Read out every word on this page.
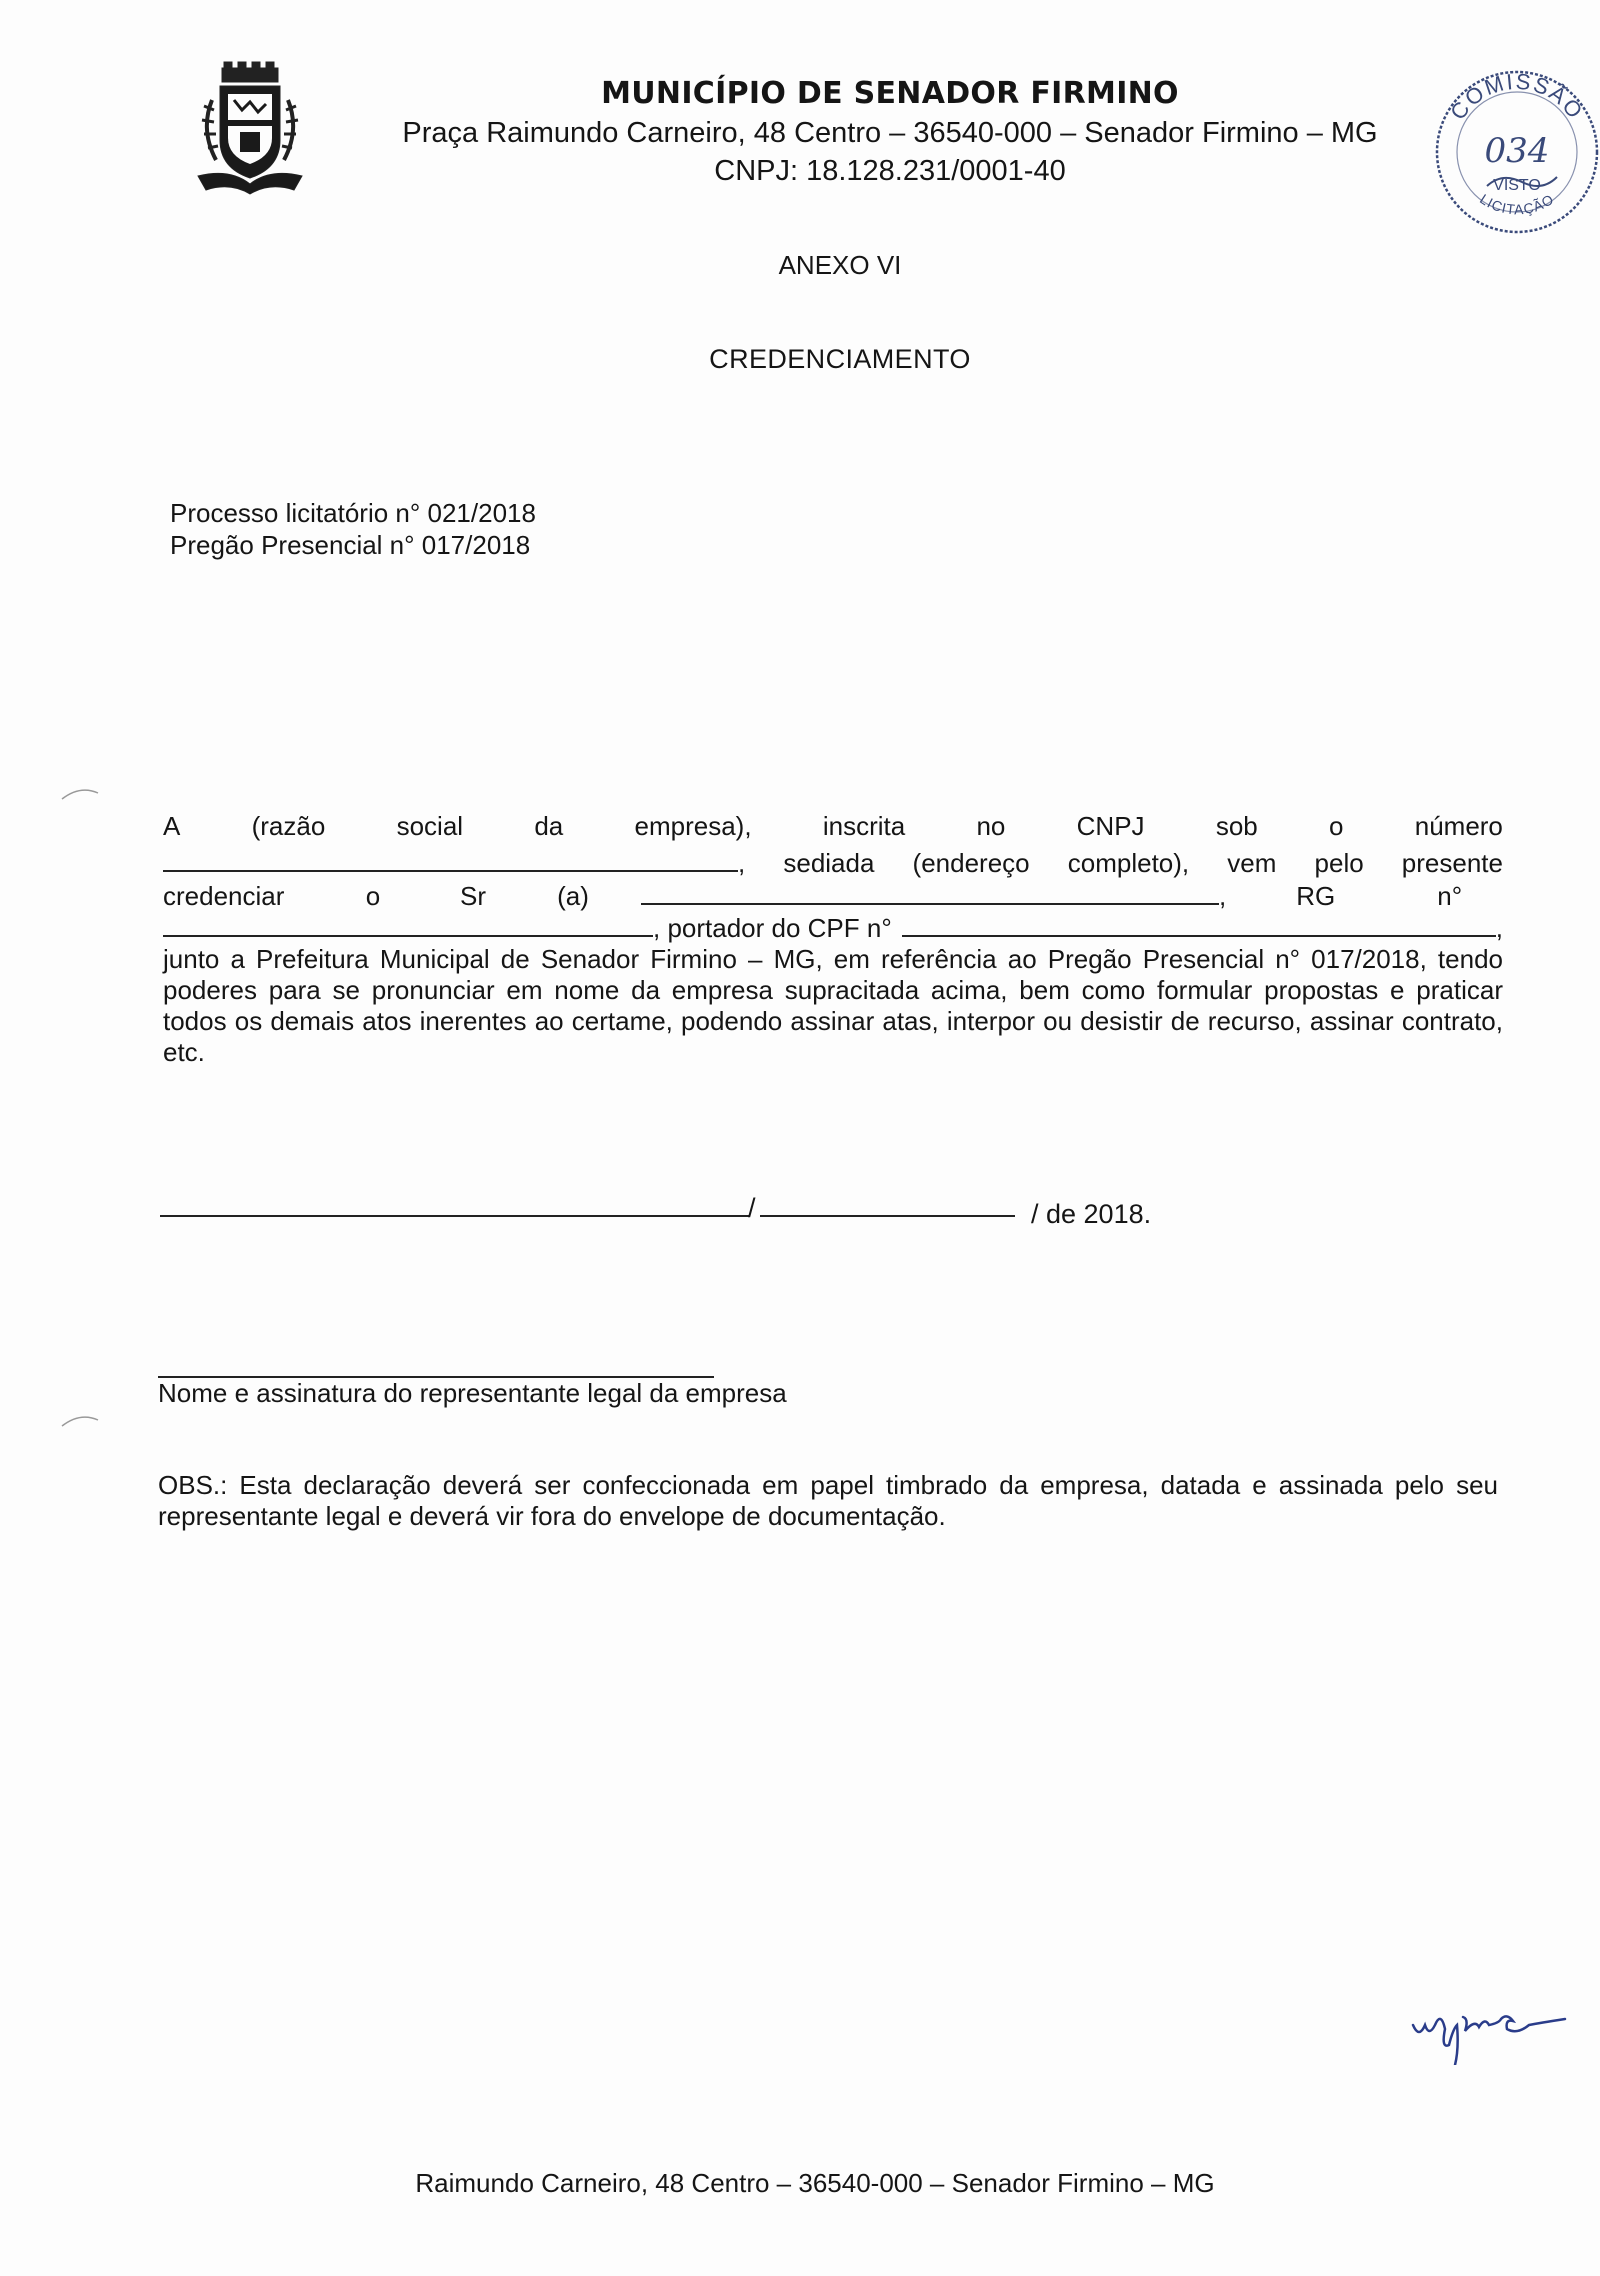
MUNICÍPIO DE SENADOR FIRMINO
Praça Raimundo Carneiro, 48 Centro – 36540-000 – Senador Firmino – MG
CNPJ: 18.128.231/0001-40
COMISSÃO
034
VISTO
LICITAÇÃO
ANEXO VI
CREDENCIAMENTO
Processo licitatório n° 021/2018
Pregão Presencial n° 017/2018
A	(razão	social	da	empresa),	inscrita	no	CNPJ	sob	o	número
, sediada (endereço completo), vem pelo presente
credenciar	o	Sr	(a)	,	RG	n°
, portador do CPF n°	,
junto a Prefeitura Municipal de Senador Firmino – MG, em referência ao Pregão Presencial n° 017/2018, tendo poderes para se pronunciar em nome da empresa supracitada acima, bem como formular propostas e praticar todos os demais atos inerentes ao certame, podendo assinar atas, interpor ou desistir de recurso, assinar contrato, etc.
/	/ de 2018.
Nome e assinatura do representante legal da empresa
OBS.: Esta declaração deverá ser confeccionada em papel timbrado da empresa, datada e assinada pelo seu representante legal e deverá vir fora do envelope de documentação.
Raimundo Carneiro, 48 Centro – 36540-000 – Senador Firmino – MG
